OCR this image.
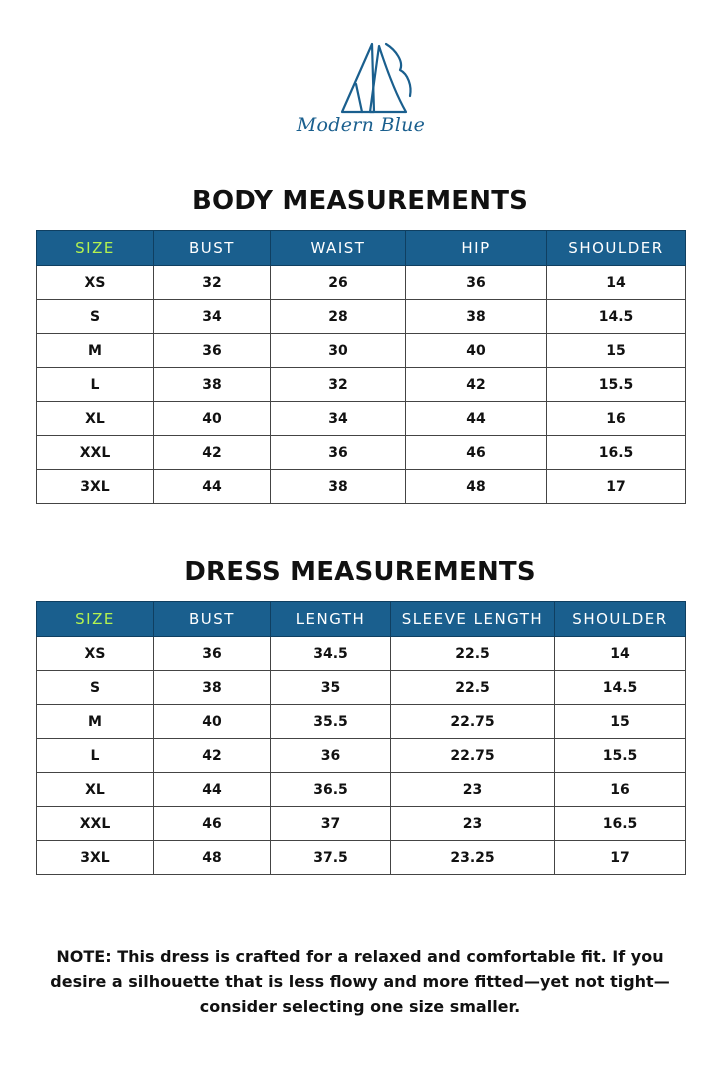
Modern Blue
BODY MEASUREMENTS
SIZE	BUST	WAIST	HIP	SHOULDER
XS	32	26	36	14
S	34	28	38	14.5
M	36	30	40	15
L	38	32	42	15.5
XL	40	34	44	16
XXL	42	36	46	16.5
3XL	44	38	48	17
DRESS MEASUREMENTS
SIZE	BUST	LENGTH	SLEEVE LENGTH	SHOULDER
XS	36	34.5	22.5	14
S	38	35	22.5	14.5
M	40	35.5	22.75	15
L	42	36	22.75	15.5
XL	44	36.5	23	16
XXL	46	37	23	16.5
3XL	48	37.5	23.25	17
NOTE: This dress is crafted for a relaxed and comfortable fit. If you desire a silhouette that is less flowy and more fitted—yet not tight—consider selecting one size smaller.
